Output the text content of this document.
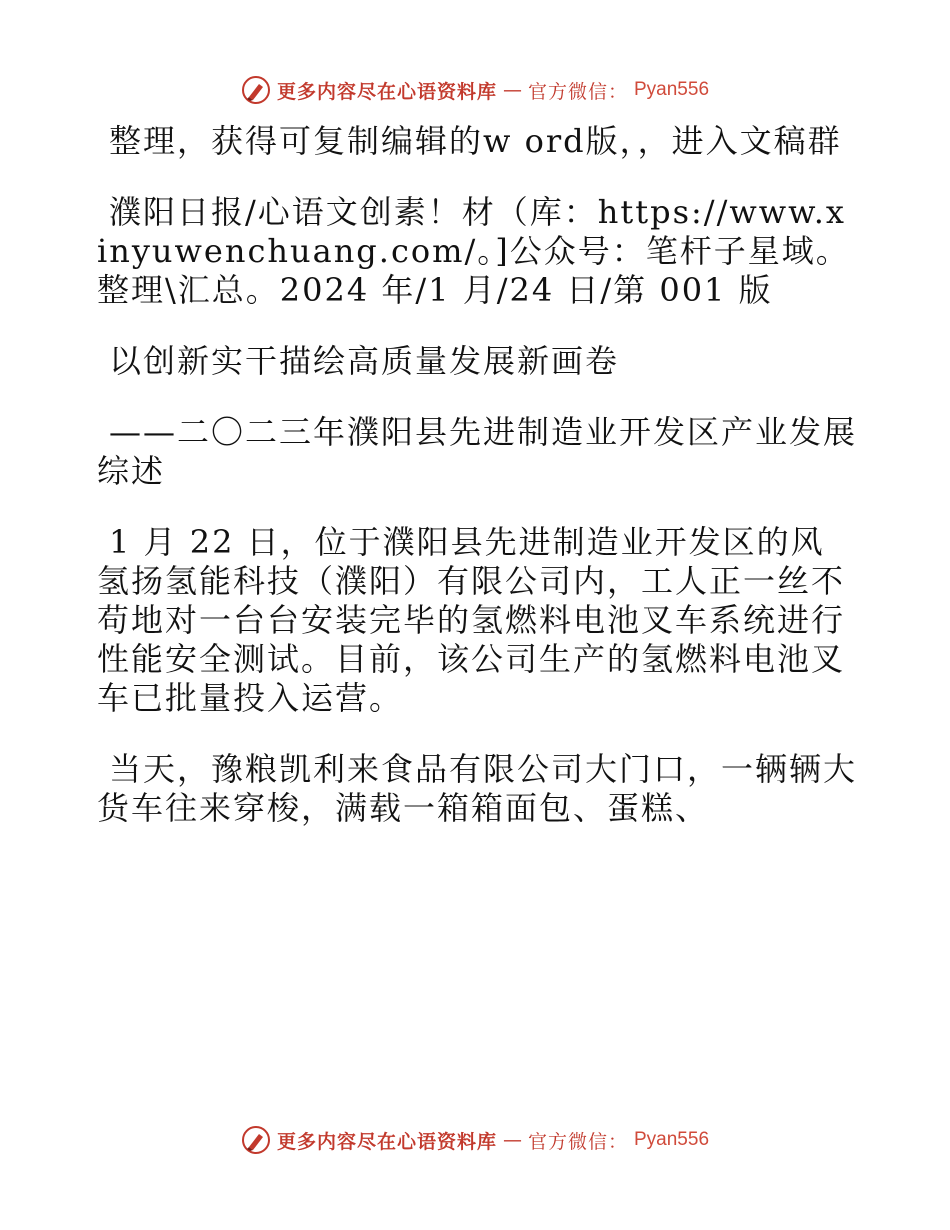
更多内容尽在心语资料库 — 官方微信： Pyan556

整理，获得可复制编辑的w ord版，，进入文稿群

濮阳日报/心语文创素！材（库：https://www.xinyuwenchuang.com/。]公众号：笔杆子星域。整理\汇总。2024 年/1 月/24 日/第 001 版

以创新实干描绘高质量发展新画卷

——二〇二三年濮阳县先进制造业开发区产业发展综述

1 月 22 日，位于濮阳县先进制造业开发区的风氢扬氢能科技（濮阳）有限公司内，工人正一丝不苟地对一台台安装完毕的氢燃料电池叉车系统进行性能安全测试。目前，该公司生产的氢燃料电池叉车已批量投入运营。

当天，豫粮凯利来食品有限公司大门口，一辆辆大货车往来穿梭，满载一箱箱面包、蛋糕、

更多内容尽在心语资料库 — 官方微信： Pyan556
